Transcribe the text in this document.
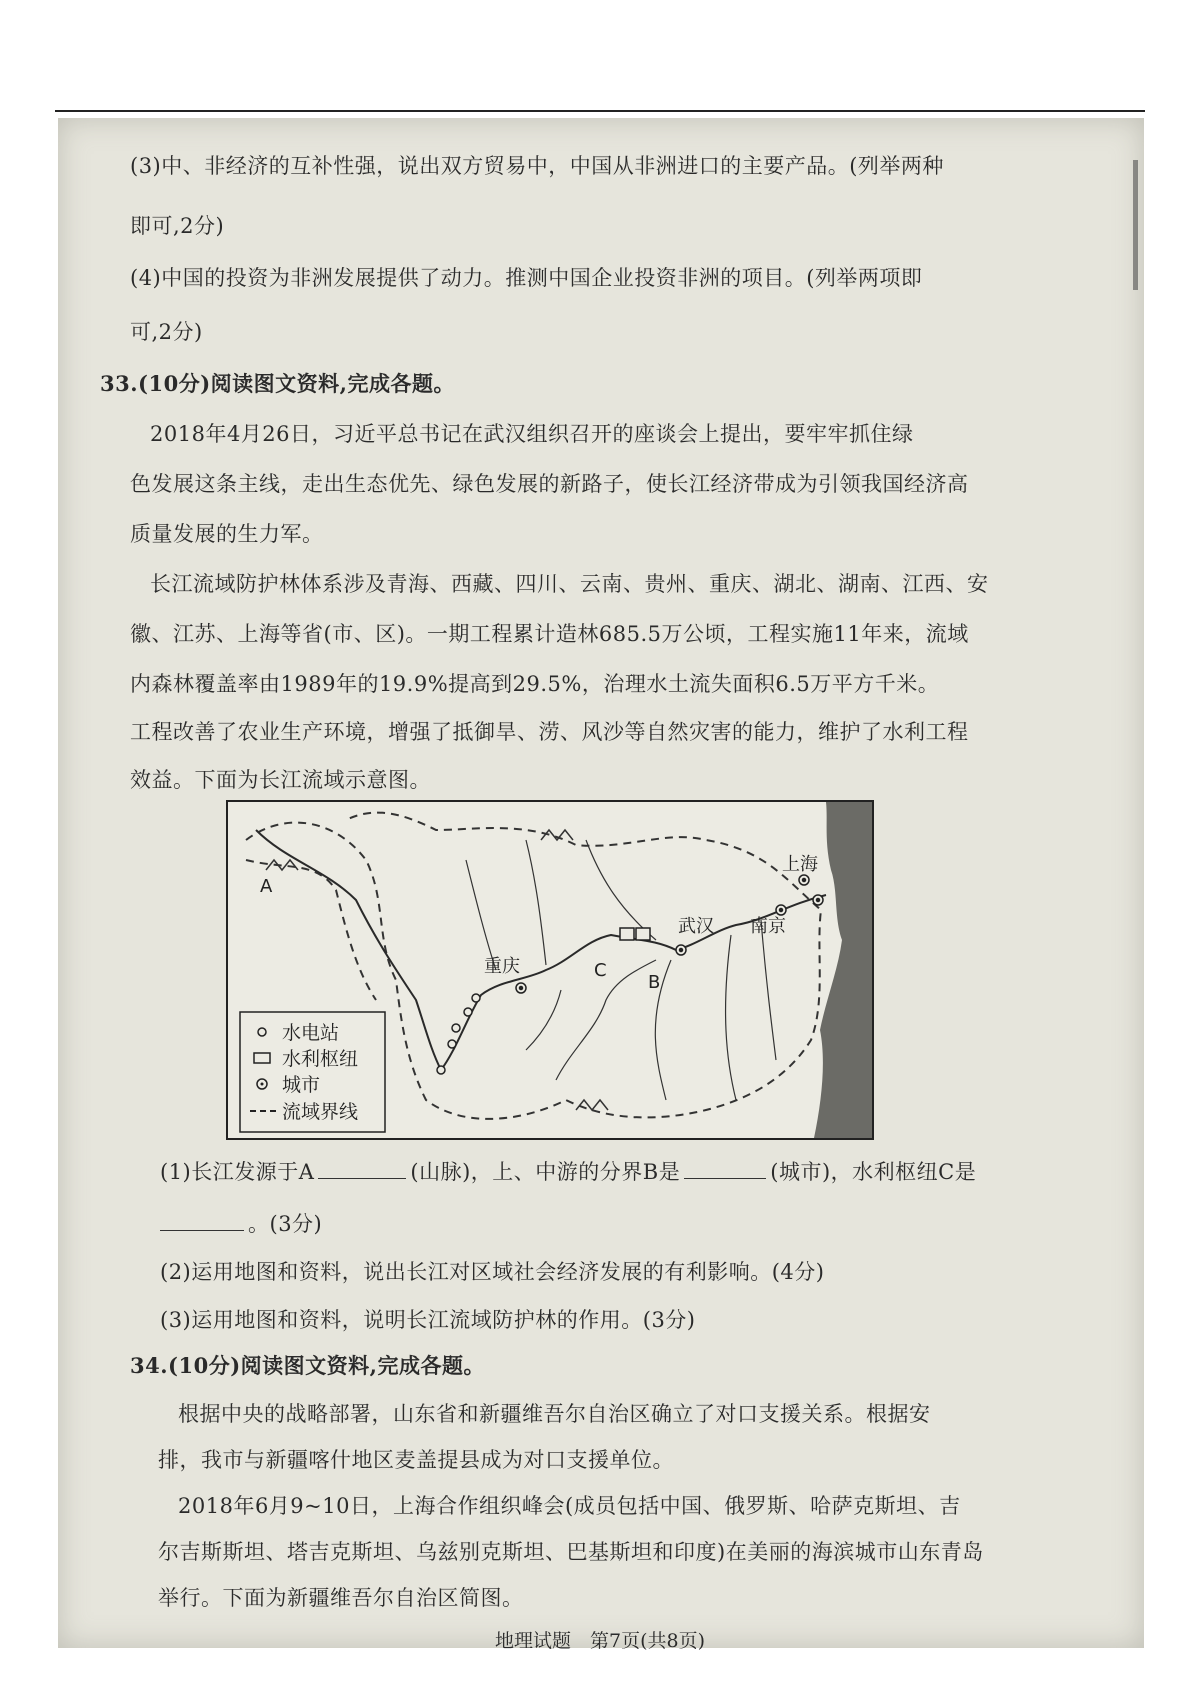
(3)中、非经济的互补性强，说出双方贸易中，中国从非洲进口的主要产品。(列举两种
即可,2分)
(4)中国的投资为非洲发展提供了动力。推测中国企业投资非洲的项目。(列举两项即
可,2分)
33.(10分)阅读图文资料,完成各题。
2018年4月26日，习近平总书记在武汉组织召开的座谈会上提出，要牢牢抓住绿
色发展这条主线，走出生态优先、绿色发展的新路子，使长江经济带成为引领我国经济高
质量发展的生力军。
长江流域防护林体系涉及青海、西藏、四川、云南、贵州、重庆、湖北、湖南、江西、安
徽、江苏、上海等省(市、区)。一期工程累计造林685.5万公顷，工程实施11年来，流域
内森林覆盖率由1989年的19.9%提高到29.5%，治理水土流失面积6.5万平方千米。
工程改善了农业生产环境，增强了抵御旱、涝、风沙等自然灾害的能力，维护了水利工程
效益。下面为长江流域示意图。
A
B
C
重庆
武汉 南京
上海
水电站
水利枢纽
城市
流域界线
(1)长江发源于A	(山脉)，上、中游的分界B是	(城市)，水利枢纽C是
。(3分)
(2)运用地图和资料，说出长江对区域社会经济发展的有利影响。(4分)
(3)运用地图和资料，说明长江流域防护林的作用。(3分)
34.(10分)阅读图文资料,完成各题。
根据中央的战略部署，山东省和新疆维吾尔自治区确立了对口支援关系。根据安
排，我市与新疆喀什地区麦盖提县成为对口支援单位。
2018年6月9~10日，上海合作组织峰会(成员包括中国、俄罗斯、哈萨克斯坦、吉
尔吉斯斯坦、塔吉克斯坦、乌兹别克斯坦、巴基斯坦和印度)在美丽的海滨城市山东青岛
举行。下面为新疆维吾尔自治区简图。
地理试题　第7页(共8页)
